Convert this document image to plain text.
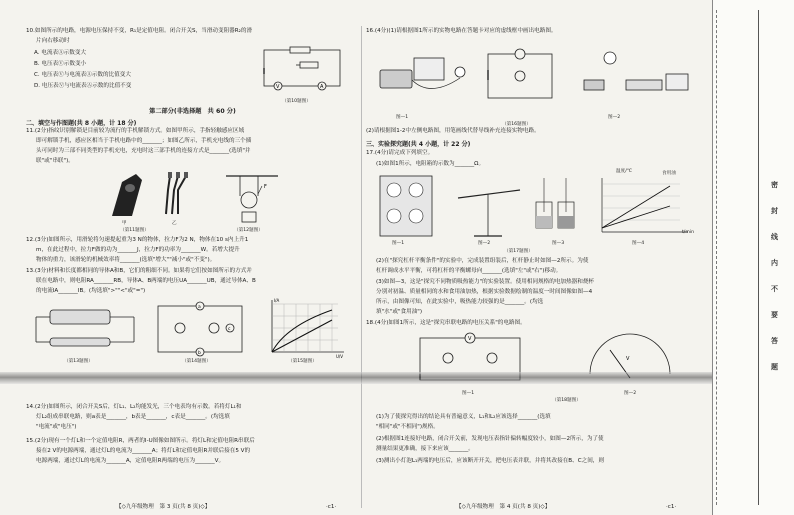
10.如图所示的电路，电源电压保持不变，R₁是定值电阻。闭合开关S，当滑动变阻器R₂的滑
片向右移动时
A. 电流表Ⓐ示数变大
B. 电压表Ⓥ示数变小
C. 电压表Ⓥ与电流表Ⓐ示数的比值变大
D. 电压表Ⓥ与电流表Ⓐ示数的比值不变	V	A
（第10题图）
第二部分(非选择题　共 60 分)
二、填空与作图题(共 8 小题，计 18 分)
11.(2分)指纹识别解锁是目前较为流行的手机解锁方式。如图甲所示，手指轻触感应区域
即可解锁手机，感应区相当于手机电路中的_______；如图乙所示，手机充电线的三个插
头可同时为三部不同类型的手机充电，充电时这三部手机的连接方式是_______(选填"并
联"或"串联")。
甲	乙
（第11题图）
F
（第12题图）
12.(3分)如图所示，用滑轮将匀速提起重为3 N的物体，拉力F为2 N，物体在10 s内上升1
m，在此过程中，拉力F做的功为_______J，拉力F的功率为_______W。若增大提升
物体的重力，该滑轮的机械效率将_______(选填"增大""减小"或"不变")。
13.(3分)材料和长度都相同的导体A和B，它们的粗细不同。如果将它们按如图所示的方式并
联在电路中，则电阻RA_______RB，导体A、B两端的电压UA_______UB，通过导体A、B
的电流IA_______IB。(均选填">""<"或"=")
（第13题图）
a
b
c
（第14题图）
I/A
U/V
（第15题图）
14.(2分)如图所示，闭合开关S后，灯L₁、L₂均能发光，三个电表均有示数。若将灯L₁和
灯L₂组成串联电路，则a表是_______，b表是_______，c表是_______。(均选填
"电流"或"电压")
15.(2分)现有一个灯L和一个定值电阻R，两者的I-U图像如图所示。将灯L和定值电阻R串联后
接在2 V的电源两端，通过灯L的电流为_______A；将灯L和定值电阻R并联后接在5 V的
电源两端，通过灯L的电流为_______A，定值电阻R两端的电压为_______V。
【◇九年级物理　第 3 页(共 8 页)◇】	·c1·
16.(4分)(1)请根据图1所示的实物电路在答题卡对应的虚线框中画出电路图。
图—1	图—2
（第16题图）
(2)请根据图1-2中左侧电路图，用笔画线代替导线补充连接实物电路。
三、实验探究题(共 4 小题，计 22 分)
17.(4分)请完成下列填空。
(1)如图1所示，电阻箱的示数为_______Ω。
温度/℃	食用油
t/min
图—1	图—2	图—3	图—4
（第17题图）
(2)在"探究杠杆平衡条件"的实验中，完成装置组装后，杠杆静止时如图—2所示。为使
杠杆调成水平平衡，可将杠杆的平衡螺母向_______(选填"左"或"右")移动。
(3)如图—3，这是"探究不同物质吸热能力"的实验装置。使用相同规格的电加热器和烧杯
分别对初温、质量相同的水和食用油加热，根据实验数据绘制的温度一时间图像如图—4
所示，由图像可知，在此实验中，吸热能力较强的是_______。(均选
填"水"或"食用油")
18.(4分)如图1所示，这是"探究串联电路的电压关系"的电路图。
V
V
图—1	图—2
（第18题图）
(1)为了使探究得出的结论具有普遍意义，L₁和L₂应该选择_______(选填
"相同"或"不相同")规格。
(2)根据图1连接好电路，闭合开关前，发现电压表指针偏转幅度较小，如图—2所示，为了使
测量结果更准确，接下来应该_______。
(3)测出小灯泡L₁两端的电压后，应该断开开关，把电压表并联，并将其改接在B、C之间，则
【◇九年级物理　第 4 页(共 8 页)◇】	·c1·
密
封
线
内
不
要
答
题
